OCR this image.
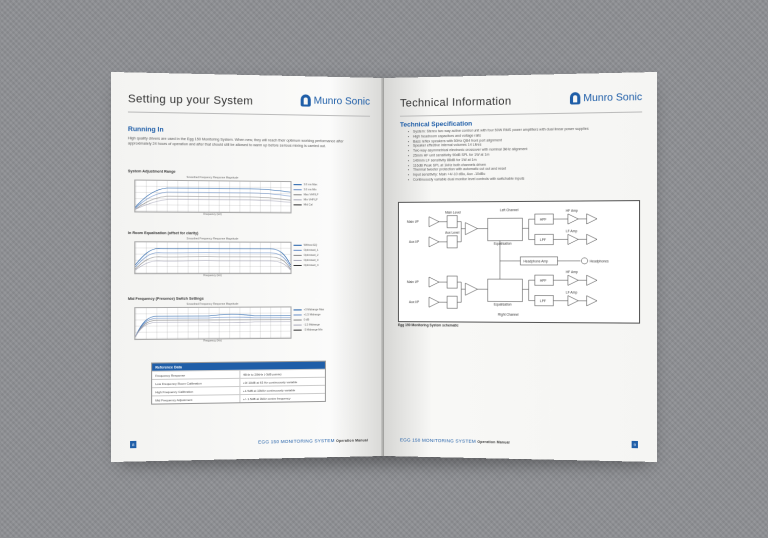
Setting up your System	Munro Sonic
Running In
High quality drivers are used in the Egg 150 Monitoring System. When new, they will reach their optimum working performance after approximately 24 hours of operation and after that should still be allowed to warm up before serious mixing is carried out.
System Adjustment Range
Smoothed Frequency Response Magnitude
Frequency (Hz)
3.6 ms Max
3.6 ms Min
Max VHF/LF
Min VHF/LF
Mid Cal
In Room Equalisation (offset for clarity)
Smoothed Frequency Response Magnitude
Frequency (Hz)
Without EQ
Optimised_1
Optimised_2
Optimised_3
Optimised_4
Mid Frequency (Presence) Switch Settings
Smoothed Frequency Response Magnitude
Frequency (Hz)
+3 Midrange Max
+1.5 Midrange
0 dB
-1.5 Midrange
-3 Midrange Min
Reference Data
Frequency Response	45Hz to 20kHz (-3dB points)
Low Frequency Room Calibration	+0/-10dB at 63 Hz continuously variable
High Frequency Calibration	+1.5dB at 10kHz continuously variable
Mid Frequency Adjustment	+/- 1.5dB at 3kHz centre frequency
8
EGG 150 MONITORING SYSTEM Operation Manual
Technical Information	Munro Sonic
Technical Specification
• System: Stereo two way active control unit with four 50W RMS power amplifiers with dual linear power supplies
• High headroom capacitors and voltage rails
• Bass reflex speakers with 50Hz QB4 front port alignment
• Speaker effective internal volumes 14 Litres
• Two way asymmetrical electronic crossover with nominal 3kHz alignment
• 25mm HF unit sensitivity 90dB SPL for 1W at 1m
• 140mm LF sensitivity 88dB for 1W at 1m
• 116dB Peak SPL at 1kHz both channels driven
• Thermal tweeter protection with automatic cut out and reset
• Input sensitivity: Main +4/-10 dBu, Aux -10dBu
• Continuously variable dual monitor level controls with switchable inputs
Left Channel
Right Channel
Main I/P
Aux I/P
Main I/P
Aux I/P
Main Level
Aux Level
Equalisation
Equalisation
HPF
LPF
HPF
LPF
HF Amp
LF Amp
HF Amp
LF Amp
Headphone Amp	Headphones
Egg 150 Monitoring System schematic
EGG 150 MONITORING SYSTEM Operation Manual
9
